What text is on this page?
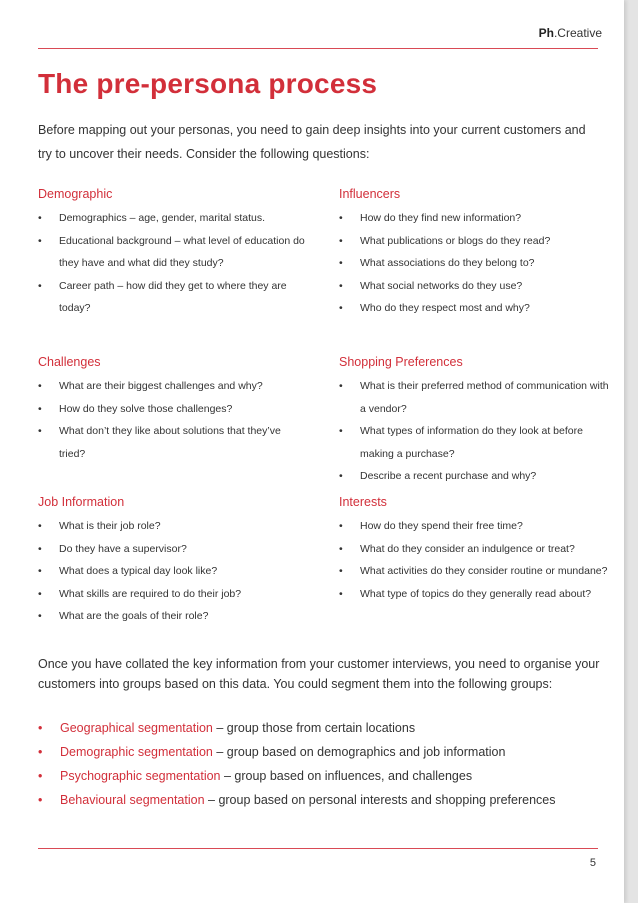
Ph.Creative
The pre-persona process

Before mapping out your personas, you need to gain deep insights into your current customers and try to uncover their needs. Consider the following questions:

Demographic
• Demographics – age, gender, marital status.
• Educational background – what level of education do they have and what did they study?
• Career path – how did they get to where they are today?
Influencers
• How do they find new information?
• What publications or blogs do they read?
• What associations do they belong to?
• What social networks do they use?
• Who do they respect most and why?
Challenges
• What are their biggest challenges and why?
• How do they solve those challenges?
• What don’t they like about solutions that they’ve tried?
Shopping Preferences
• What is their preferred method of communication with a vendor?
• What types of information do they look at before making a purchase?
• Describe a recent purchase and why?
Job Information
• What is their job role?
• Do they have a supervisor?
• What does a typical day look like?
• What skills are required to do their job?
• What are the goals of their role?
Interests
• How do they spend their free time?
• What do they consider an indulgence or treat?
• What activities do they consider routine or mundane?
• What type of topics do they generally read about?

Once you have collated the key information from your customer interviews, you need to organise your customers into groups based on this data. You could segment them into the following groups:

• Geographical segmentation – group those from certain locations
• Demographic segmentation – group based on demographics and job information
• Psychographic segmentation – group based on influences, and challenges
• Behavioural segmentation – group based on personal interests and shopping preferences
5
